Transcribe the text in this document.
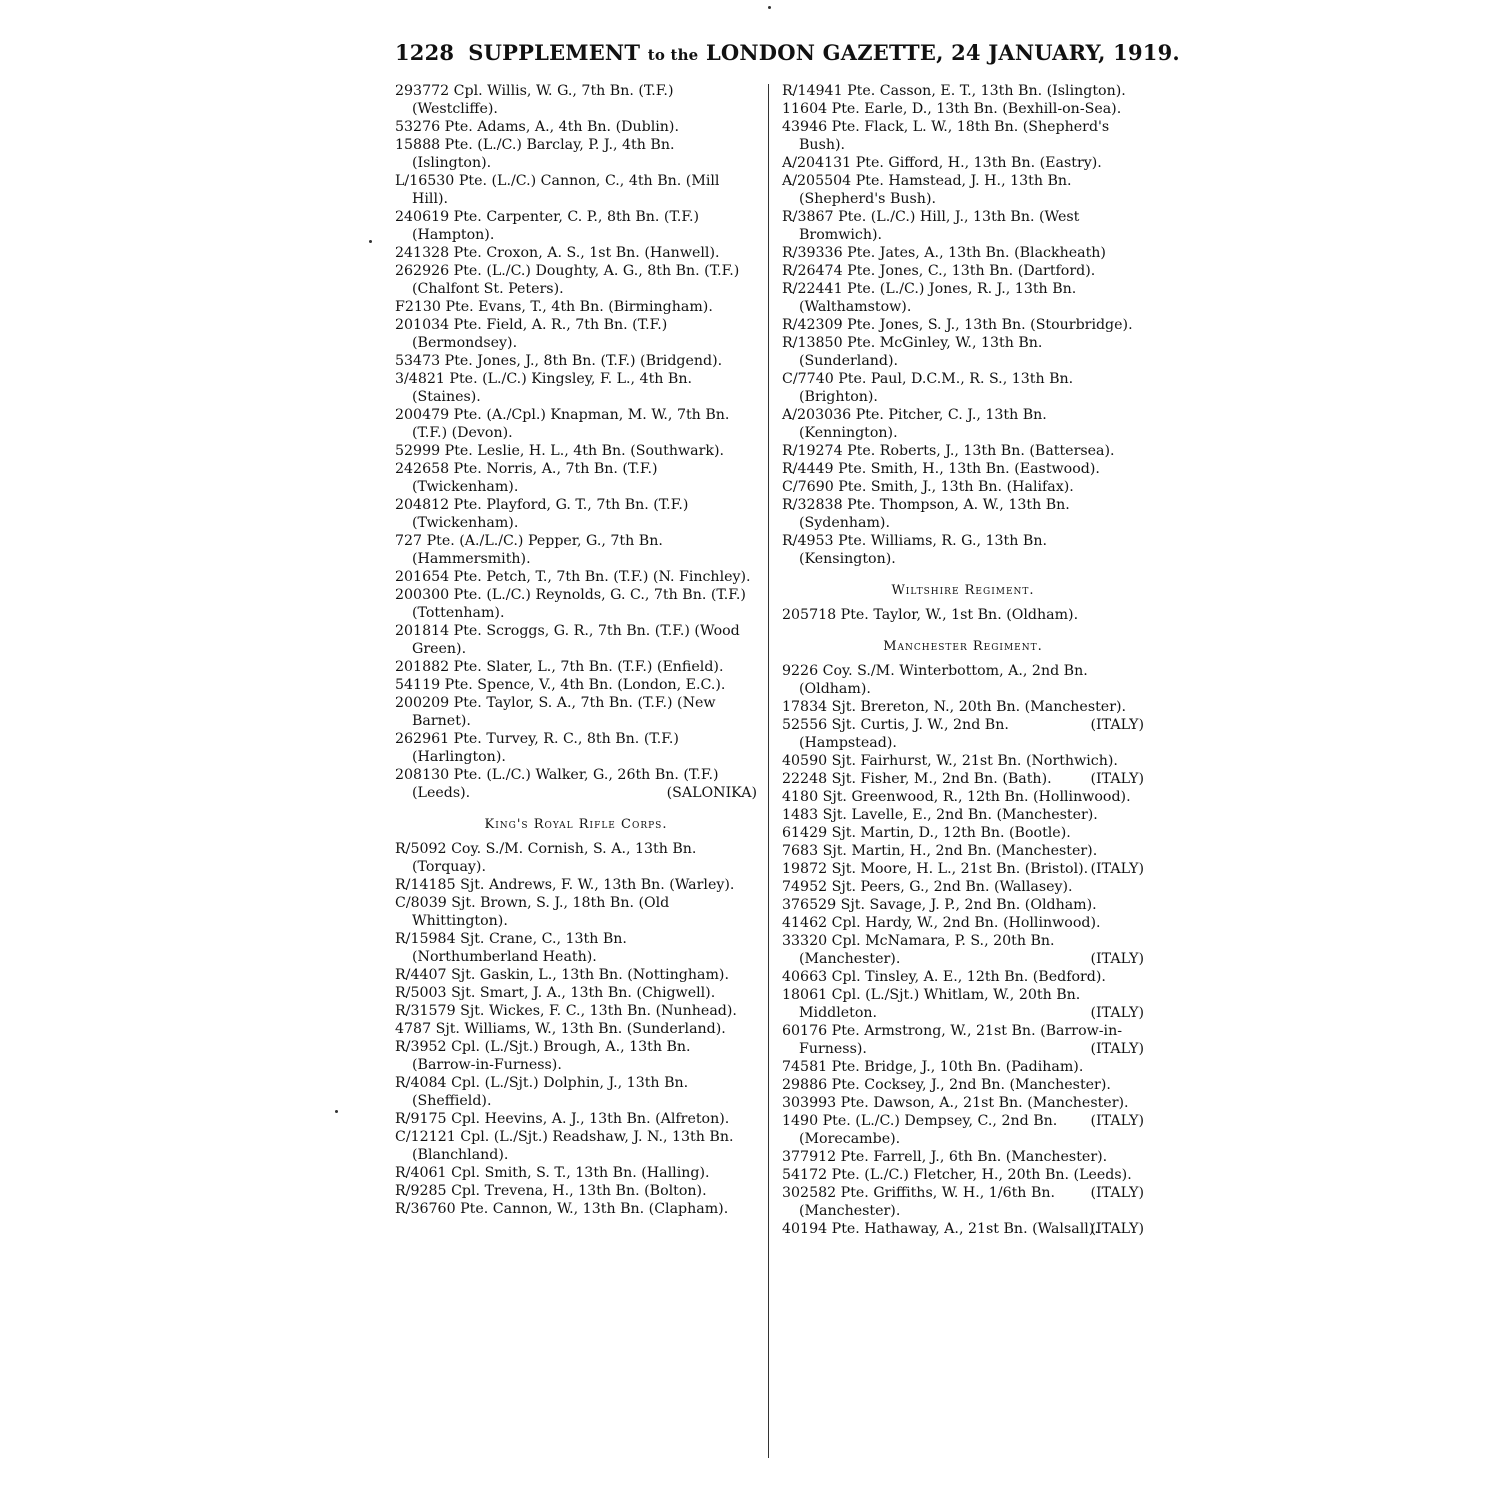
1228 SUPPLEMENT to the LONDON GAZETTE, 24 JANUARY, 1919.

293772 Cpl. Willis, W. G., 7th Bn. (T.F.) (Westcliffe).

53276 Pte. Adams, A., 4th Bn. (Dublin).

15888 Pte. (L./C.) Barclay, P. J., 4th Bn. (Islington).

L/16530 Pte. (L./C.) Cannon, C., 4th Bn. (Mill Hill).

240619 Pte. Carpenter, C. P., 8th Bn. (T.F.) (Hampton).

241328 Pte. Croxon, A. S., 1st Bn. (Hanwell).

262926 Pte. (L./C.) Doughty, A. G., 8th Bn. (T.F.) (Chalfont St. Peters).

F2130 Pte. Evans, T., 4th Bn. (Birmingham).

201034 Pte. Field, A. R., 7th Bn. (T.F.) (Bermondsey).

53473 Pte. Jones, J., 8th Bn. (T.F.) (Bridgend).

3/4821 Pte. (L./C.) Kingsley, F. L., 4th Bn. (Staines).

200479 Pte. (A./Cpl.) Knapman, M. W., 7th Bn. (T.F.) (Devon).

52999 Pte. Leslie, H. L., 4th Bn. (Southwark).

242658 Pte. Norris, A., 7th Bn. (T.F.) (Twickenham).

204812 Pte. Playford, G. T., 7th Bn. (T.F.) (Twickenham).

727 Pte. (A./L./C.) Pepper, G., 7th Bn. (Hammersmith).

201654 Pte. Petch, T., 7th Bn. (T.F.) (N. Finchley).

200300 Pte. (L./C.) Reynolds, G. C., 7th Bn. (T.F.) (Tottenham).

201814 Pte. Scroggs, G. R., 7th Bn. (T.F.) (Wood Green).

201882 Pte. Slater, L., 7th Bn. (T.F.) (Enfield).

54119 Pte. Spence, V., 4th Bn. (London, E.C.).

200209 Pte. Taylor, S. A., 7th Bn. (T.F.) (New Barnet).

262961 Pte. Turvey, R. C., 8th Bn. (T.F.) (Harlington).

208130 Pte. (L./C.) Walker, G., 26th Bn. (T.F.) (Leeds).	(SALONIKA)

King's Royal Rifle Corps.

R/5092 Coy. S./M. Cornish, S. A., 13th Bn. (Torquay).

R/14185 Sjt. Andrews, F. W., 13th Bn. (Warley).

C/8039 Sjt. Brown, S. J., 18th Bn. (Old Whittington).

R/15984 Sjt. Crane, C., 13th Bn. (Northumberland Heath).

R/4407 Sjt. Gaskin, L., 13th Bn. (Nottingham).

R/5003 Sjt. Smart, J. A., 13th Bn. (Chigwell).

R/31579 Sjt. Wickes, F. C., 13th Bn. (Nunhead).

4787 Sjt. Williams, W., 13th Bn. (Sunderland).

R/3952 Cpl. (L./Sjt.) Brough, A., 13th Bn. (Barrow-in-Furness).

R/4084 Cpl. (L./Sjt.) Dolphin, J., 13th Bn. (Sheffield).

R/9175 Cpl. Heevins, A. J., 13th Bn. (Alfreton).

C/12121 Cpl. (L./Sjt.) Readshaw, J. N., 13th Bn. (Blanchland).

R/4061 Cpl. Smith, S. T., 13th Bn. (Halling).

R/9285 Cpl. Trevena, H., 13th Bn. (Bolton).

R/36760 Pte. Cannon, W., 13th Bn. (Clapham).

R/14941 Pte. Casson, E. T., 13th Bn. (Islington).

11604 Pte. Earle, D., 13th Bn. (Bexhill-on-Sea).

43946 Pte. Flack, L. W., 18th Bn. (Shepherd's Bush).

A/204131 Pte. Gifford, H., 13th Bn. (Eastry).

A/205504 Pte. Hamstead, J. H., 13th Bn. (Shepherd's Bush).

R/3867 Pte. (L./C.) Hill, J., 13th Bn. (West Bromwich).

R/39336 Pte. Jates, A., 13th Bn. (Blackheath)

R/26474 Pte. Jones, C., 13th Bn. (Dartford).

R/22441 Pte. (L./C.) Jones, R. J., 13th Bn. (Walthamstow).

R/42309 Pte. Jones, S. J., 13th Bn. (Stourbridge).

R/13850 Pte. McGinley, W., 13th Bn. (Sunderland).

C/7740 Pte. Paul, D.C.M., R. S., 13th Bn. (Brighton).

A/203036 Pte. Pitcher, C. J., 13th Bn. (Kennington).

R/19274 Pte. Roberts, J., 13th Bn. (Battersea).

R/4449 Pte. Smith, H., 13th Bn. (Eastwood).

C/7690 Pte. Smith, J., 13th Bn. (Halifax).

R/32838 Pte. Thompson, A. W., 13th Bn. (Sydenham).

R/4953 Pte. Williams, R. G., 13th Bn. (Kensington).

Wiltshire Regiment.

205718 Pte. Taylor, W., 1st Bn. (Oldham).

Manchester Regiment.

9226 Coy. S./M. Winterbottom, A., 2nd Bn. (Oldham).

17834 Sjt. Brereton, N., 20th Bn. (Manchester).
(ITALY)

52556 Sjt. Curtis, J. W., 2nd Bn. (Hampstead).

40590 Sjt. Fairhurst, W., 21st Bn. (Northwich).
(ITALY)

22248 Sjt. Fisher, M., 2nd Bn. (Bath).

4180 Sjt. Greenwood, R., 12th Bn. (Hollinwood).

1483 Sjt. Lavelle, E., 2nd Bn. (Manchester).

61429 Sjt. Martin, D., 12th Bn. (Bootle).

7683 Sjt. Martin, H., 2nd Bn. (Manchester).

19872 Sjt. Moore, H. L., 21st Bn. (Bristol). (ITALY)

74952 Sjt. Peers, G., 2nd Bn. (Wallasey).

376529 Sjt. Savage, J. P., 2nd Bn. (Oldham).

41462 Cpl. Hardy, W., 2nd Bn. (Hollinwood).

33320 Cpl. McNamara, P. S., 20th Bn. (Manchester).	(ITALY)

40663 Cpl. Tinsley, A. E., 12th Bn. (Bedford).

18061 Cpl. (L./Sjt.) Whitlam, W., 20th Bn. Middleton.	(ITALY)

60176 Pte. Armstrong, W., 21st Bn. (Barrow-in-Furness).	(ITALY)

74581 Pte. Bridge, J., 10th Bn. (Padiham).

29886 Pte. Cocksey, J., 2nd Bn. (Manchester).

303993 Pte. Dawson, A., 21st Bn. (Manchester).
(ITALY)

1490 Pte. (L./C.) Dempsey, C., 2nd Bn. (Morecambe).

377912 Pte. Farrell, J., 6th Bn. (Manchester).

54172 Pte. (L./C.) Fletcher, H., 20th Bn. (Leeds).
(ITALY)

302582 Pte. Griffiths, W. H., 1/6th Bn. (Manchester).

40194 Pte. Hathaway, A., 21st Bn. (Walsall).
(ITALY)
